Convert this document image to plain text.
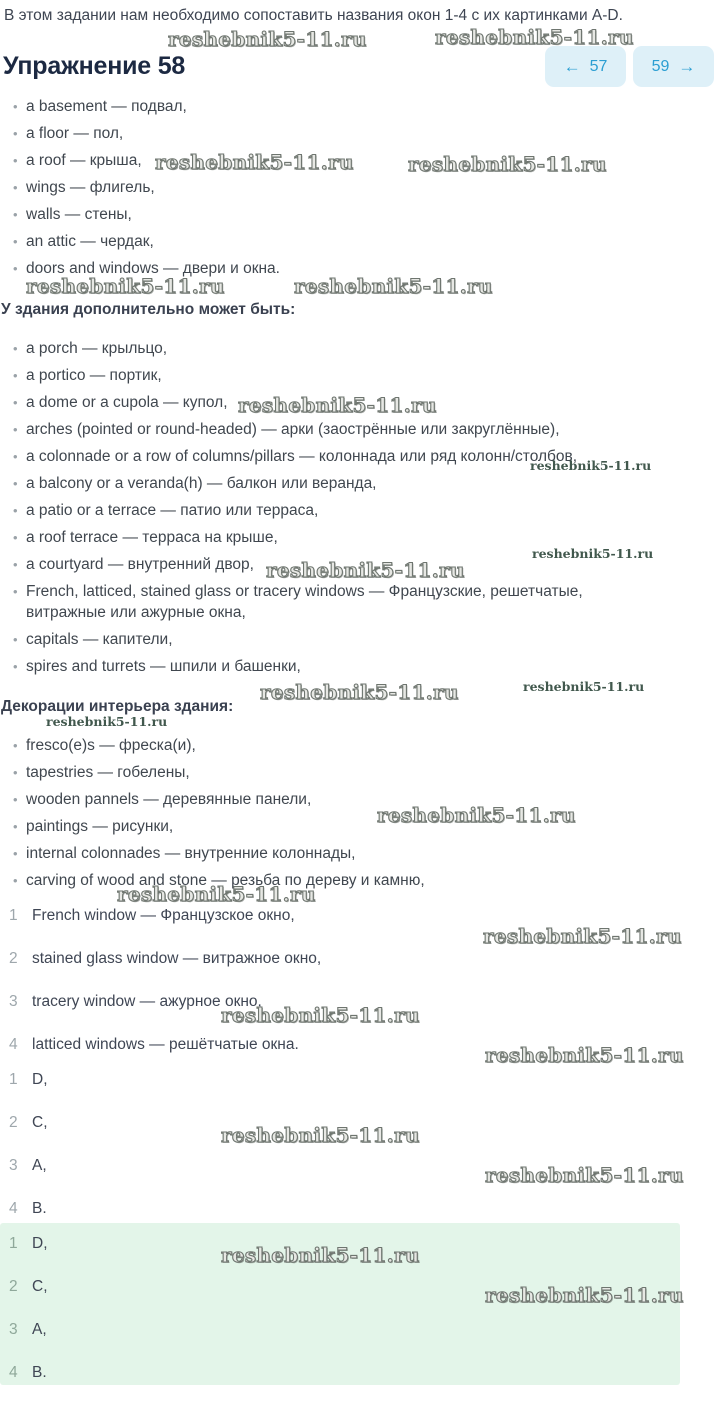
В этом задании нам необходимо сопоставить названия окон 1-4 с их картинками A-D.

Упражнение 58	← 57	59 →
• a basement — подвал,
• a floor — пол,
• a roof — крыша,
• wings — флигель,
• walls — стены,
• an attic — чердак,
• doors and windows — двери и окна.
У здания дополнительно может быть:
• a porch — крыльцо,
• a portico — портик,
• a dome or a cupola — купол,
• arches (pointed or round-headed) — арки (заострённые или закруглённые),
• a colonnade or a row of columns/pillars — колоннада или ряд колонн/столбов,
• a balcony or a veranda(h) — балкон или веранда,
• a patio or a terrace — патио или терраса,
• a roof terrace — терраса на крыше,
• a courtyard — внутренний двор,
• French, latticed, stained glass or tracery windows — Французские, решетчатые, витражные или ажурные окна,
• capitals — капители,
• spires and turrets — шпили и башенки,
Декорации интерьера здания:
• fresco(e)s — фреска(и),
• tapestries — гобелены,
• wooden pannels — деревянные панели,
• paintings — рисунки,
• internal colonnades — внутренние колоннады,
• carving of wood and stone — резьба по дереву и камню,
1 French window — Французское окно,
2 stained glass window — витражное окно,
3 tracery window — ажурное окно,
4 latticed windows — решётчатые окна.
1 D,
2 C,
3 A,
4 B.
1 D,
2 C,
3 A,
4 B.
reshebnik5-11.ru	reshebnik5-11.ru
reshebnik5-11.ru	reshebnik5-11.ru
reshebnik5-11.ru	reshebnik5-11.ru
reshebnik5-11.ru
reshebnik5-11.ru
reshebnik5-11.ru
reshebnik5-11.ru
reshebnik5-11.ru	reshebnik5-11.ru
reshebnik5-11.ru
reshebnik5-11.ru
reshebnik5-11.ru
reshebnik5-11.ru
reshebnik5-11.ru
reshebnik5-11.ru
reshebnik5-11.ru
reshebnik5-11.ru
reshebnik5-11.ru
reshebnik5-11.ru
